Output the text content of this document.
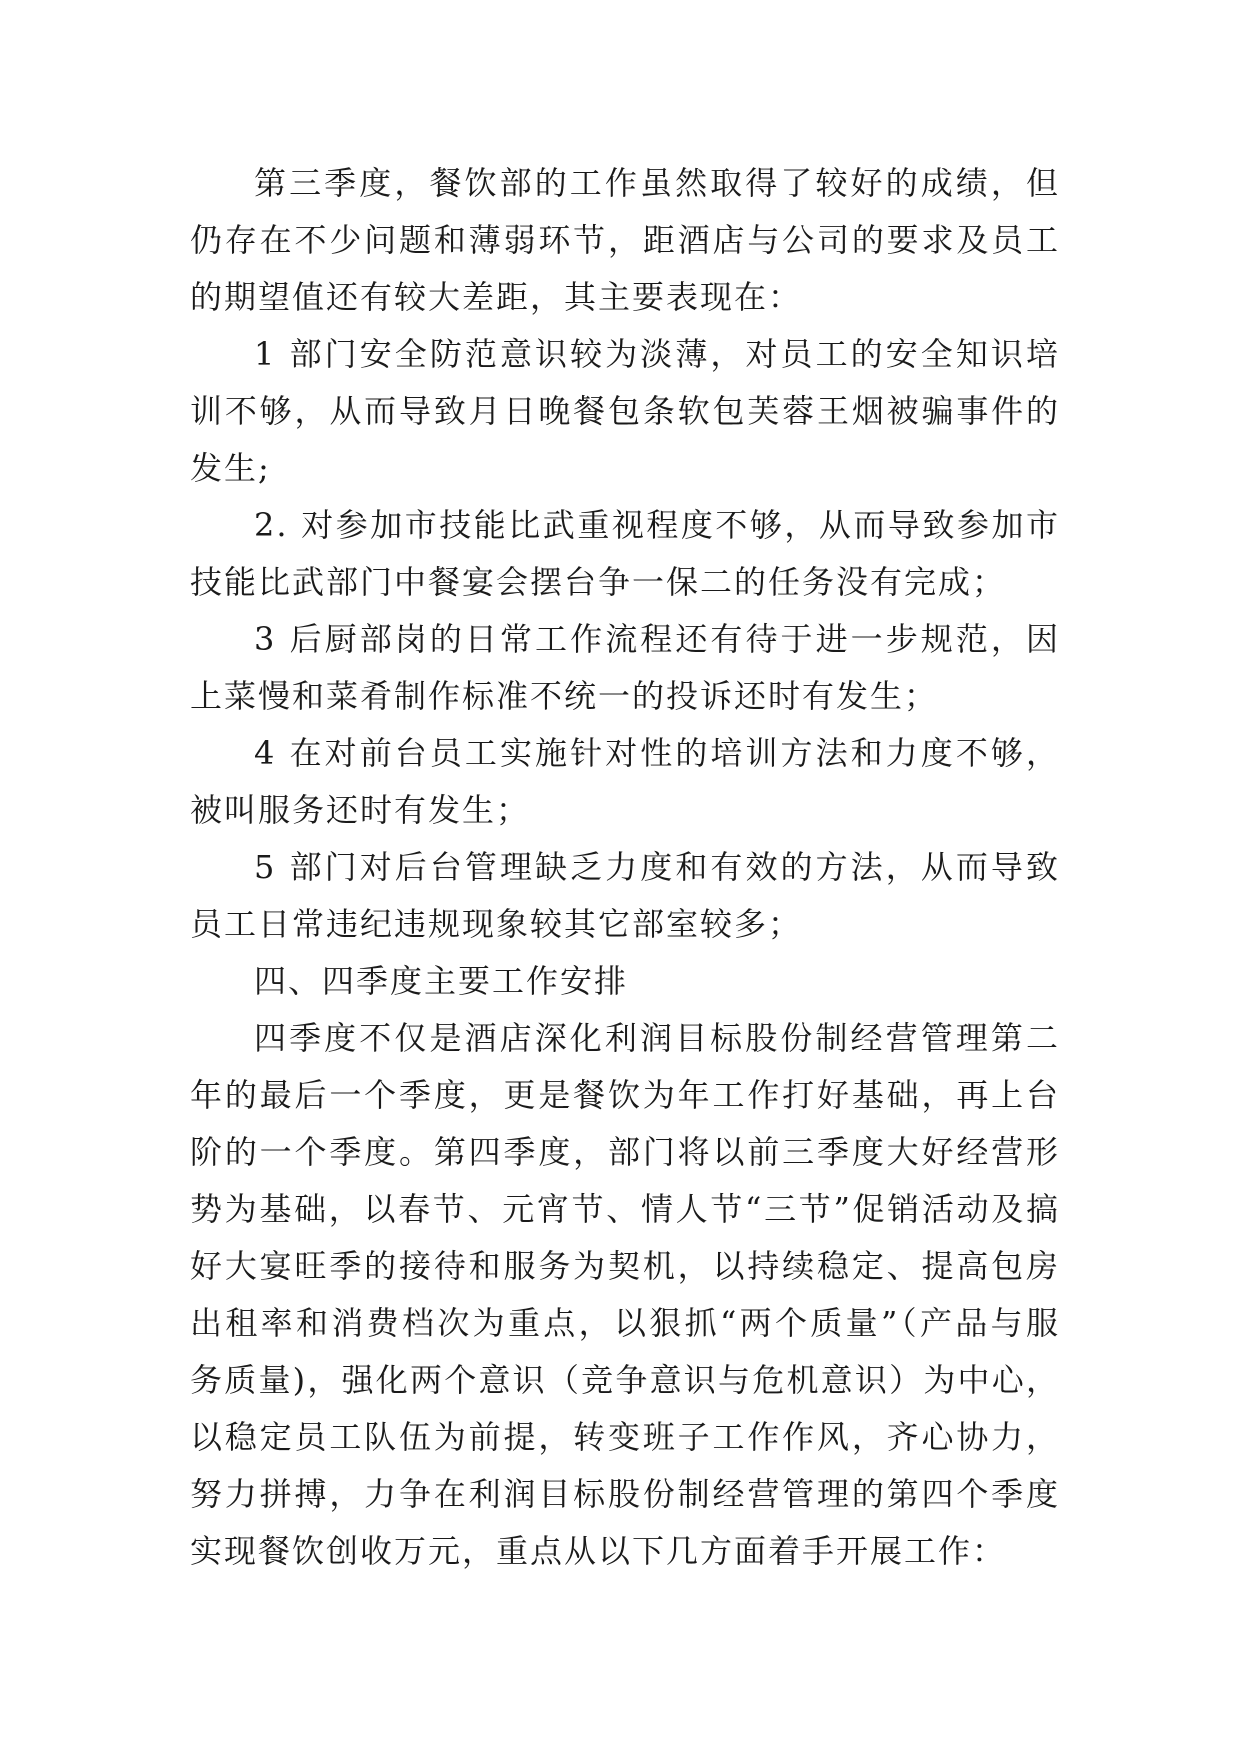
第三季度，餐饮部的工作虽然取得了较好的成绩，但仍存在不少问题和薄弱环节，距酒店与公司的要求及员工的期望值还有较大差距，其主要表现在：

1 部门安全防范意识较为淡薄，对员工的安全知识培训不够，从而导致月日晚餐包条软包芙蓉王烟被骗事件的发生;

2. 对参加市技能比武重视程度不够，从而导致参加市技能比武部门中餐宴会摆台争一保二的任务没有完成；

3 后厨部岗的日常工作流程还有待于进一步规范，因上菜慢和菜肴制作标准不统一的投诉还时有发生；

4 在对前台员工实施针对性的培训方法和力度不够，被叫服务还时有发生；

5 部门对后台管理缺乏力度和有效的方法，从而导致员工日常违纪违规现象较其它部室较多；

四、四季度主要工作安排

四季度不仅是酒店深化利润目标股份制经营管理第二年的最后一个季度，更是餐饮为年工作打好基础，再上台阶的一个季度。第四季度，部门将以前三季度大好经营形势为基础，以春节、元宵节、情人节“三节”促销活动及搞好大宴旺季的接待和服务为契机，以持续稳定、提高包房出租率和消费档次为重点，以狠抓“两个质量”（产品与服务质量)，强化两个意识（竞争意识与危机意识）为中心，以稳定员工队伍为前提，转变班子工作作风，齐心协力，努力拼搏，力争在利润目标股份制经营管理的第四个季度实现餐饮创收万元，重点从以下几方面着手开展工作：
